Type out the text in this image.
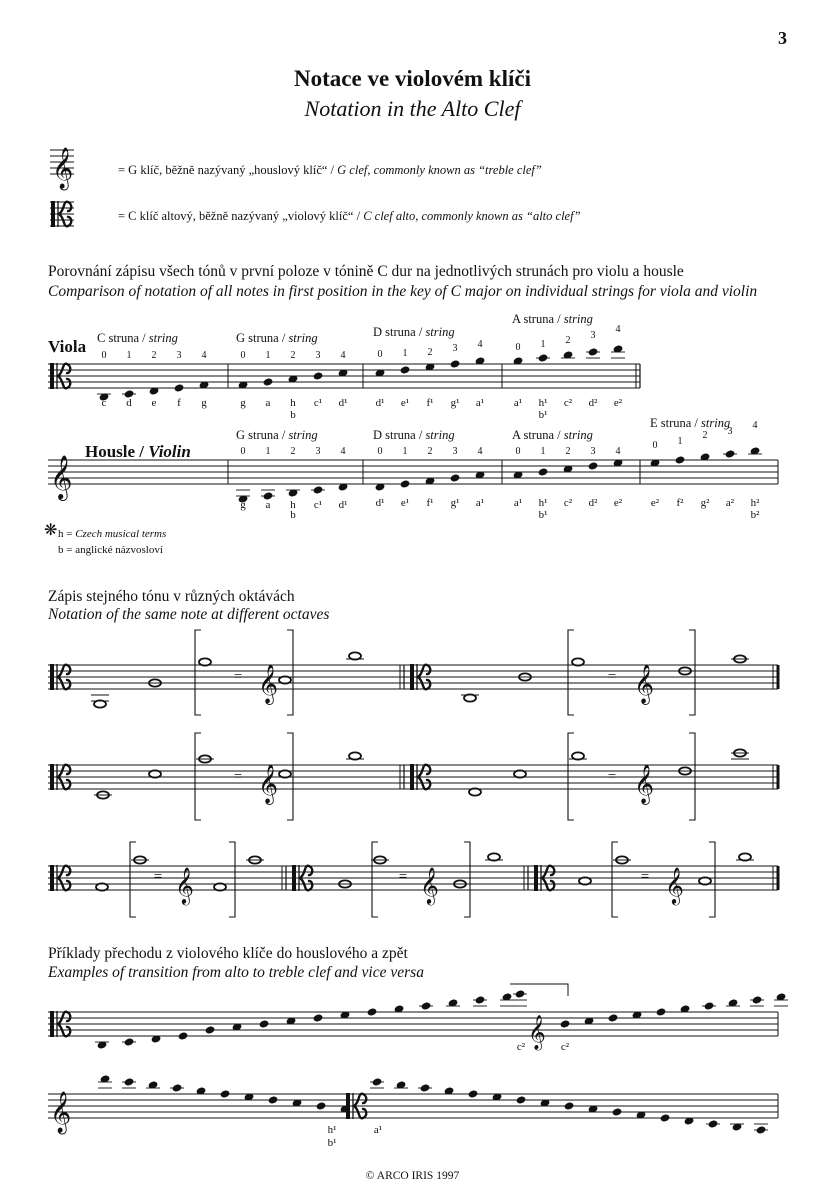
3
Notace ve violovém klíči
Notation in the Alto Clef
= G klíč, běžně nazývaný „houslový klíč“ / G clef, commonly known as “treble clef”
= C klíč altový, běžně nazývaný „violový klíč“ / C clef alto, commonly known as “alto clef”
Porovnání zápisu všech tónů v první poloze v tónině C dur na jednotlivých strunách pro violu a housle
Comparison of notation of all notes in first position in the key of C major on individual strings for viola and violin
Viola
Housle / Violin
C struna / string	G struna / string	D struna / string
A struna / string
G struna / string	D struna / string	A struna / string
E struna / string
❋ h = Czech musical terms
b = anglické názvosloví
Zápis stejného tónu v různých oktávách
Notation of the same note at different octaves
Příklady přechodu z violového klíče do houslového a zpět
Examples of transition from alto to treble clef and vice versa
© ARCO IRIS 1997
𝄞
0 1 2 3 4
c d e f g
0 1 2 3 4
g a h c¹ d¹
b
0 1 2 3 4
d¹ e¹ f¹ g¹ a¹
0 1 2 3
4
a¹ h¹ c² d² e²
b¹
𝄞
0 1 2 3 4
g a h c¹ d¹
b
0 1 2 3 4
d¹ e¹ f¹ g¹ a¹
0 1 2 3 4
a¹ h¹ c² d² e²
b¹
0 1
2 3
4
e² f² g² a² h²
b²
= 𝄞	= 𝄞
= 𝄞	= 𝄞
= 𝄞	= 𝄞	= 𝄞
𝄞
c²	c²
𝄞	h¹
b¹
a¹
